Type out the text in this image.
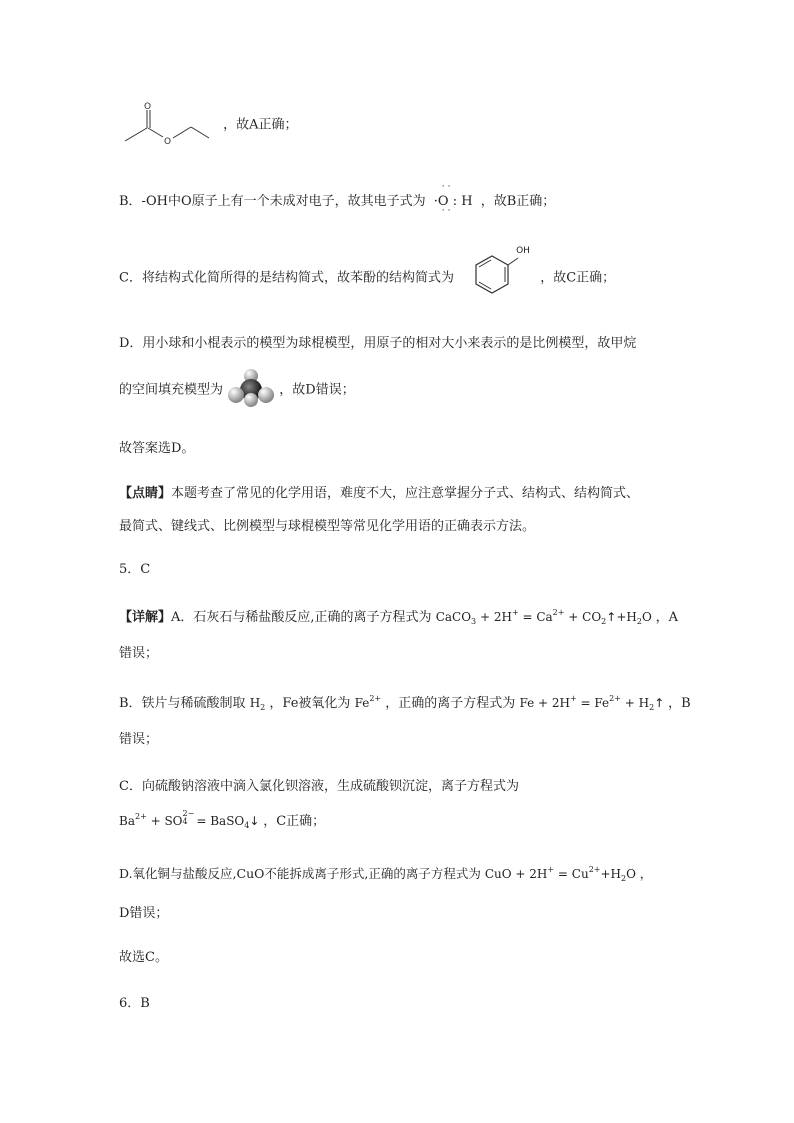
O
O
，故A正确；
B．-OH中O原子上有一个未成对电子，故其电子式为
··
·O : H
··
，故B正确；
C．将结构式化简所得的是结构简式，故苯酚的结构简式为
OH
，故C正确；
D．用小球和小棍表示的模型为球棍模型，用原子的相对大小来表示的是比例模型，故甲烷
的空间填充模型为	，故D错误；
故答案选D。
【点睛】本题考查了常见的化学用语，难度不大，应注意掌握分子式、结构式、结构简式、
最简式、键线式、比例模型与球棍模型等常见化学用语的正确表示方法。
5．C
【详解】A．石灰石与稀盐酸反应,正确的离子方程式为 CaCO$_3$ + $2H^+ = Ca^{2+}$ + $CO_2↑+H_2O$ ，A
错误；
B．铁片与稀硫酸制取 $H_2$ ，Fe被氧化为 $Fe^{2+}$ ，正确的离子方程式为 $Fe + 2H^+ = Fe^{2+}$ + $H_2↑$ ，B
错误；
C．向硫酸钠溶液中滴入氯化钡溶液，生成硫酸钡沉淀，离子方程式为
$Ba^{2+}$ + SO
2−
4 = BaSO$_4$↓ ，C正确；
D.氧化铜与盐酸反应,CuO不能拆成离子形式,正确的离子方程式为 CuO + $2H^+ = Cu^{2+}+H_2O$ ，
D错误；
故选C。
6．B
